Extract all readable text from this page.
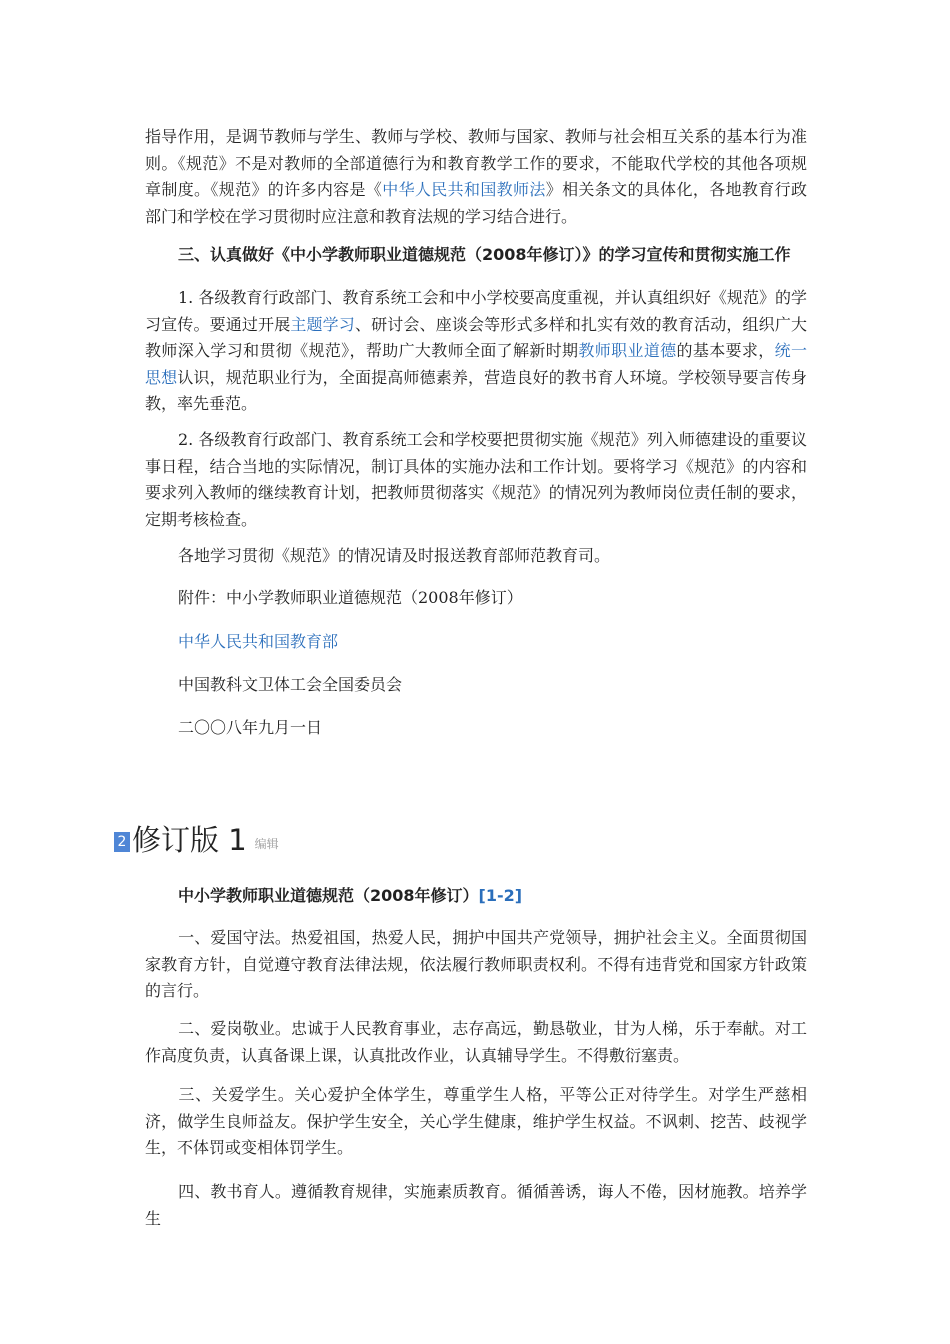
指导作用，是调节教师与学生、教师与学校、教师与国家、教师与社会相互关系的基本行为准则。《规范》不是对教师的全部道德行为和教育教学工作的要求，不能取代学校的其他各项规章制度。《规范》的许多内容是《中华人民共和国教师法》相关条文的具体化，各地教育行政部门和学校在学习贯彻时应注意和教育法规的学习结合进行。

三、认真做好《中小学教师职业道德规范（2008年修订）》的学习宣传和贯彻实施工作

1. 各级教育行政部门、教育系统工会和中小学校要高度重视，并认真组织好《规范》的学习宣传。要通过开展主题学习、研讨会、座谈会等形式多样和扎实有效的教育活动，组织广大教师深入学习和贯彻《规范》，帮助广大教师全面了解新时期教师职业道德的基本要求，统一思想认识，规范职业行为，全面提高师德素养，营造良好的教书育人环境。学校领导要言传身教，率先垂范。

2. 各级教育行政部门、教育系统工会和学校要把贯彻实施《规范》列入师德建设的重要议事日程，结合当地的实际情况，制订具体的实施办法和工作计划。要将学习《规范》的内容和要求列入教师的继续教育计划，把教师贯彻落实《规范》的情况列为教师岗位责任制的要求，定期考核检查。

各地学习贯彻《规范》的情况请及时报送教育部师范教育司。
附件：中小学教师职业道德规范（2008年修订）
中华人民共和国教育部
中国教科文卫体工会全国委员会
二〇〇八年九月一日
2 修订版 1 编辑
中小学教师职业道德规范（2008年修订）[1-2]

一、爱国守法。热爱祖国，热爱人民，拥护中国共产党领导，拥护社会主义。全面贯彻国家教育方针，自觉遵守教育法律法规，依法履行教师职责权利。不得有违背党和国家方针政策的言行。

二、爱岗敬业。忠诚于人民教育事业，志存高远，勤恳敬业，甘为人梯，乐于奉献。对工作高度负责，认真备课上课，认真批改作业，认真辅导学生。不得敷衍塞责。

三、关爱学生。关心爱护全体学生，尊重学生人格，平等公正对待学生。对学生严慈相济，做学生良师益友。保护学生安全，关心学生健康，维护学生权益。不讽刺、挖苦、歧视学生，不体罚或变相体罚学生。

四、教书育人。遵循教育规律，实施素质教育。循循善诱，诲人不倦，因材施教。培养学生
